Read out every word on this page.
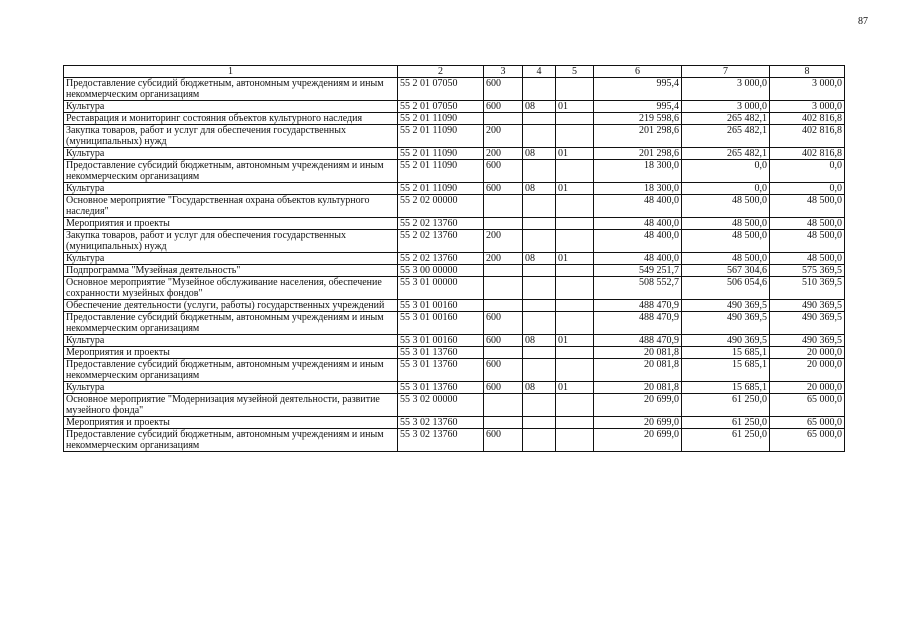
87
1	2	3	4	5	6	7	8
Предоставление субсидий бюджетным, автономным учреждениям и иным некоммерческим организациям	55 2 01 07050	600			995,4	3 000,0	3 000,0
Культура	55 2 01 07050	600	08	01	995,4	3 000,0	3 000,0
Реставрация и мониторинг состояния объектов культурного наследия	55 2 01 11090				219 598,6	265 482,1	402 816,8
Закупка товаров, работ и услуг для обеспечения государственных (муниципальных) нужд	55 2 01 11090	200			201 298,6	265 482,1	402 816,8
Культура	55 2 01 11090	200	08	01	201 298,6	265 482,1	402 816,8
Предоставление субсидий бюджетным, автономным учреждениям и иным некоммерческим организациям	55 2 01 11090	600			18 300,0	0,0	0,0
Культура	55 2 01 11090	600	08	01	18 300,0	0,0	0,0
Основное мероприятие "Государственная охрана объектов культурного наследия"	55 2 02 00000				48 400,0	48 500,0	48 500,0
Мероприятия и проекты	55 2 02 13760				48 400,0	48 500,0	48 500,0
Закупка товаров, работ и услуг для обеспечения государственных (муниципальных) нужд	55 2 02 13760	200			48 400,0	48 500,0	48 500,0
Культура	55 2 02 13760	200	08	01	48 400,0	48 500,0	48 500,0
Подпрограмма "Музейная деятельность"	55 3 00 00000				549 251,7	567 304,6	575 369,5
Основное мероприятие "Музейное обслуживание населения, обеспечение сохранности музейных фондов"	55 3 01 00000				508 552,7	506 054,6	510 369,5
Обеспечение деятельности (услуги, работы) государственных учреждений	55 3 01 00160				488 470,9	490 369,5	490 369,5
Предоставление субсидий бюджетным, автономным учреждениям и иным некоммерческим организациям	55 3 01 00160	600			488 470,9	490 369,5	490 369,5
Культура	55 3 01 00160	600	08	01	488 470,9	490 369,5	490 369,5
Мероприятия и проекты	55 3 01 13760				20 081,8	15 685,1	20 000,0
Предоставление субсидий бюджетным, автономным учреждениям и иным некоммерческим организациям	55 3 01 13760	600			20 081,8	15 685,1	20 000,0
Культура	55 3 01 13760	600	08	01	20 081,8	15 685,1	20 000,0
Основное мероприятие "Модернизация музейной деятельности, развитие музейного фонда"	55 3 02 00000				20 699,0	61 250,0	65 000,0
Мероприятия и проекты	55 3 02 13760				20 699,0	61 250,0	65 000,0
Предоставление субсидий бюджетным, автономным учреждениям и иным некоммерческим организациям	55 3 02 13760	600			20 699,0	61 250,0	65 000,0
